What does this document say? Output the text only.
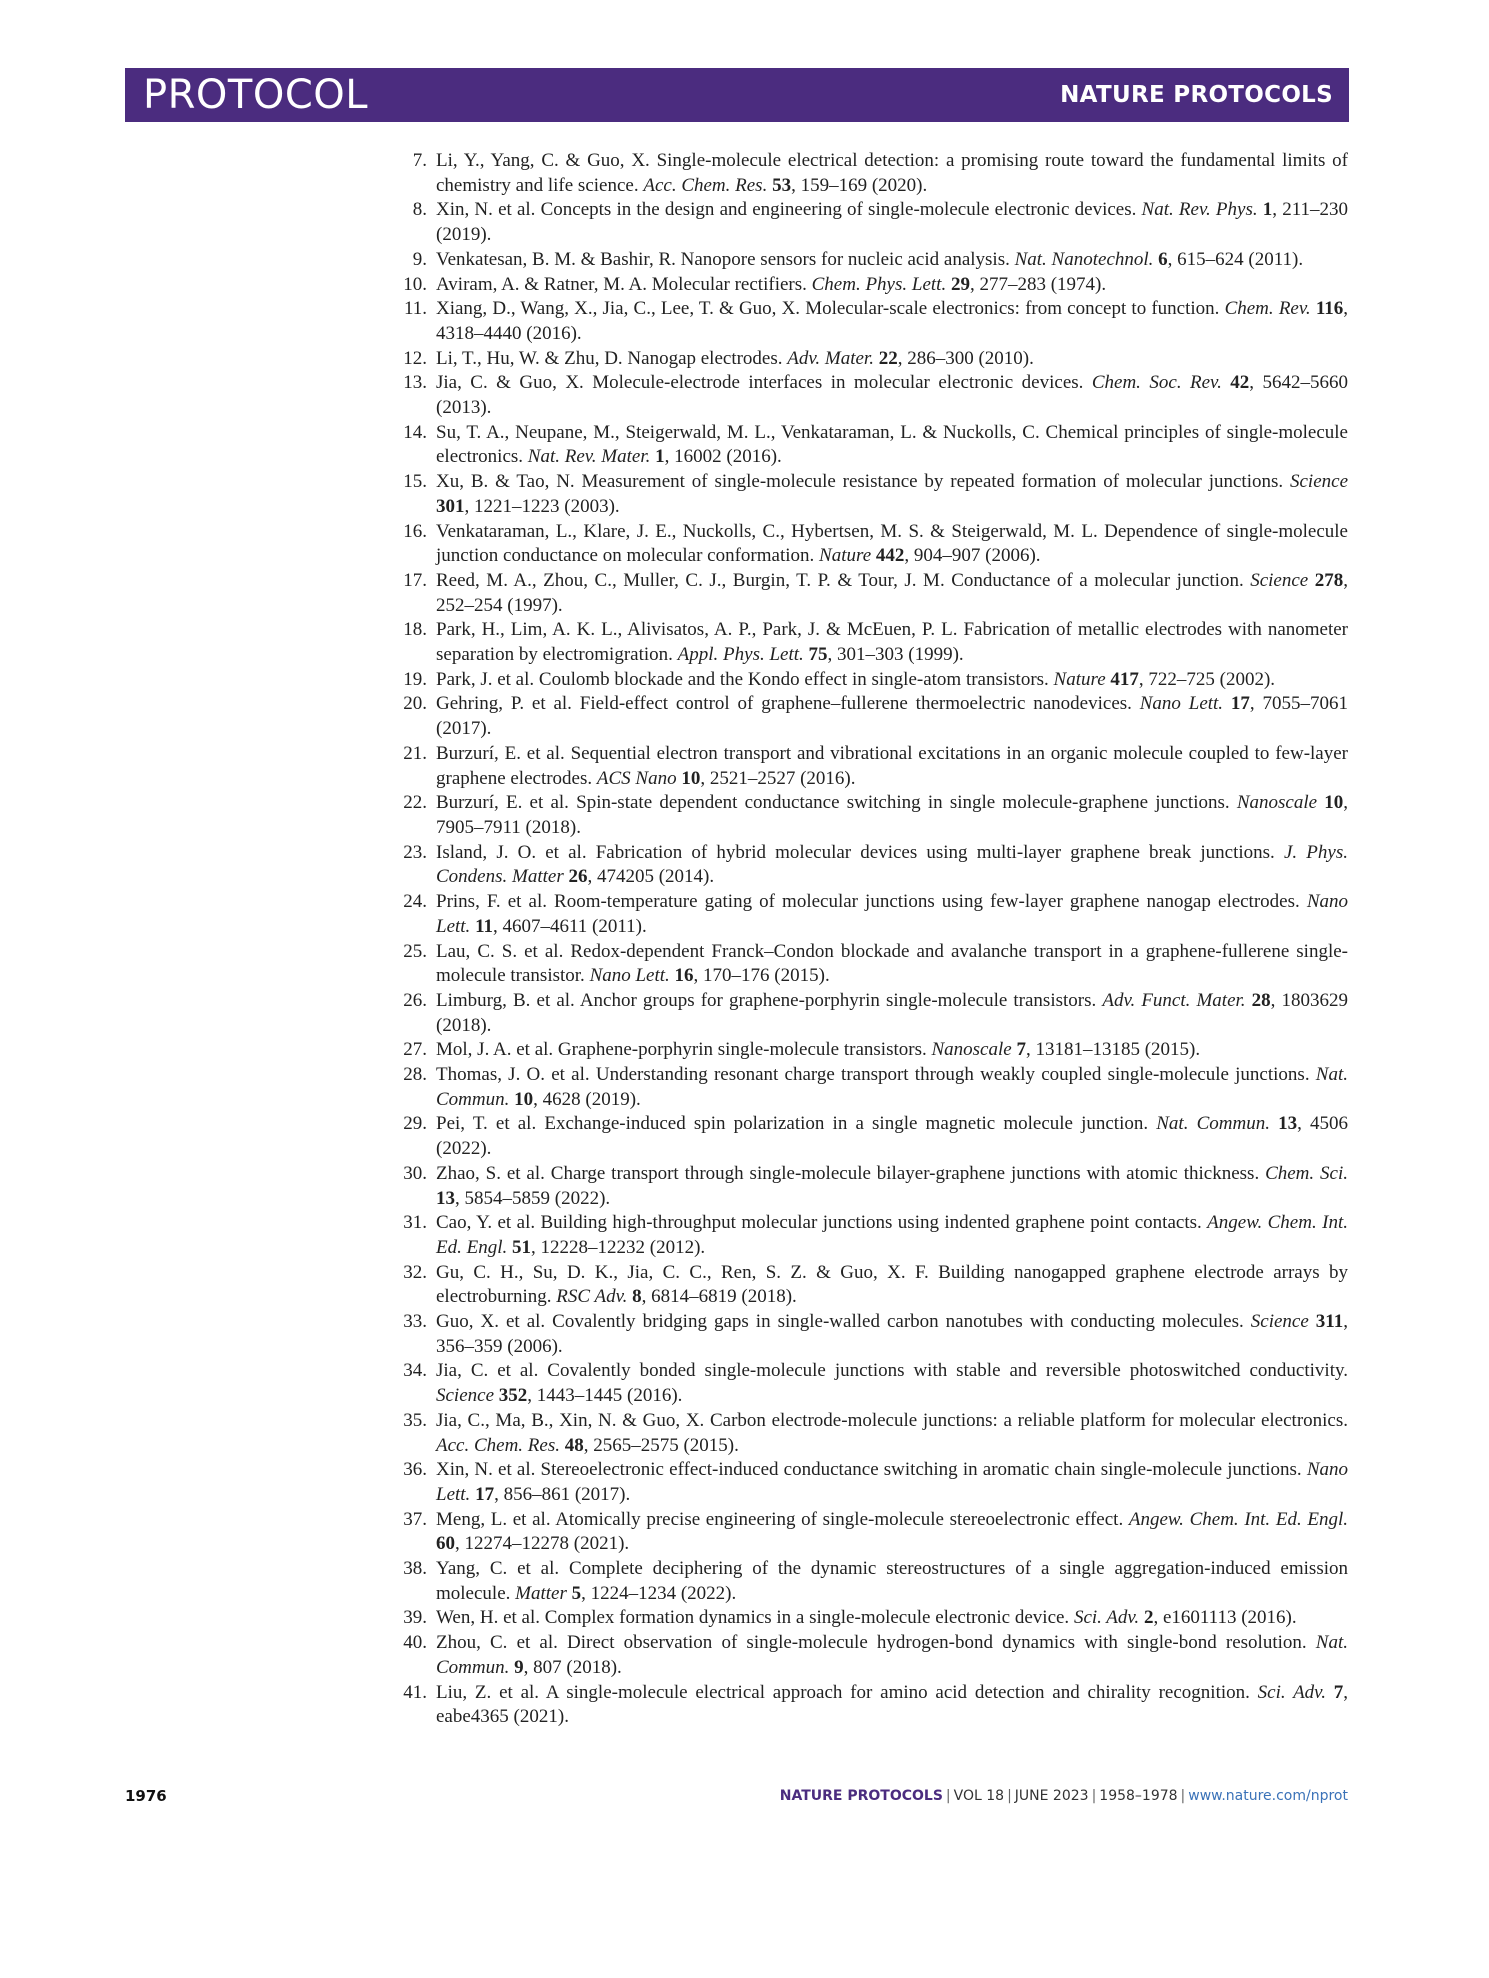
PROTOCOL	NATURE PROTOCOLS
7. Li, Y., Yang, C. & Guo, X. Single-molecule electrical detection: a promising route toward the fundamental limits of chemistry and life science. Acc. Chem. Res. 53, 159–169 (2020).
8. Xin, N. et al. Concepts in the design and engineering of single-molecule electronic devices. Nat. Rev. Phys. 1, 211–230 (2019).
9. Venkatesan, B. M. & Bashir, R. Nanopore sensors for nucleic acid analysis. Nat. Nanotechnol. 6, 615–624 (2011).
10. Aviram, A. & Ratner, M. A. Molecular rectifiers. Chem. Phys. Lett. 29, 277–283 (1974).
11. Xiang, D., Wang, X., Jia, C., Lee, T. & Guo, X. Molecular-scale electronics: from concept to function. Chem. Rev. 116, 4318–4440 (2016).
12. Li, T., Hu, W. & Zhu, D. Nanogap electrodes. Adv. Mater. 22, 286–300 (2010).
13. Jia, C. & Guo, X. Molecule-electrode interfaces in molecular electronic devices. Chem. Soc. Rev. 42, 5642–5660 (2013).
14. Su, T. A., Neupane, M., Steigerwald, M. L., Venkataraman, L. & Nuckolls, C. Chemical principles of single-molecule electronics. Nat. Rev. Mater. 1, 16002 (2016).
15. Xu, B. & Tao, N. Measurement of single-molecule resistance by repeated formation of molecular junctions. Science 301, 1221–1223 (2003).
16. Venkataraman, L., Klare, J. E., Nuckolls, C., Hybertsen, M. S. & Steigerwald, M. L. Dependence of single-molecule junction conductance on molecular conformation. Nature 442, 904–907 (2006).
17. Reed, M. A., Zhou, C., Muller, C. J., Burgin, T. P. & Tour, J. M. Conductance of a molecular junction. Science 278, 252–254 (1997).
18. Park, H., Lim, A. K. L., Alivisatos, A. P., Park, J. & McEuen, P. L. Fabrication of metallic electrodes with nanometer separation by electromigration. Appl. Phys. Lett. 75, 301–303 (1999).
19. Park, J. et al. Coulomb blockade and the Kondo effect in single-atom transistors. Nature 417, 722–725 (2002).
20. Gehring, P. et al. Field-effect control of graphene–fullerene thermoelectric nanodevices. Nano Lett. 17, 7055–7061 (2017).
21. Burzurí, E. et al. Sequential electron transport and vibrational excitations in an organic molecule coupled to few-layer graphene electrodes. ACS Nano 10, 2521–2527 (2016).
22. Burzurí, E. et al. Spin-state dependent conductance switching in single molecule-graphene junctions. Nanoscale 10, 7905–7911 (2018).
23. Island, J. O. et al. Fabrication of hybrid molecular devices using multi-layer graphene break junctions. J. Phys. Condens. Matter 26, 474205 (2014).
24. Prins, F. et al. Room-temperature gating of molecular junctions using few-layer graphene nanogap electrodes. Nano Lett. 11, 4607–4611 (2011).
25. Lau, C. S. et al. Redox-dependent Franck–Condon blockade and avalanche transport in a graphene-fullerene single-molecule transistor. Nano Lett. 16, 170–176 (2015).
26. Limburg, B. et al. Anchor groups for graphene-porphyrin single-molecule transistors. Adv. Funct. Mater. 28, 1803629 (2018).
27. Mol, J. A. et al. Graphene-porphyrin single-molecule transistors. Nanoscale 7, 13181–13185 (2015).
28. Thomas, J. O. et al. Understanding resonant charge transport through weakly coupled single-molecule junctions. Nat. Commun. 10, 4628 (2019).
29. Pei, T. et al. Exchange-induced spin polarization in a single magnetic molecule junction. Nat. Commun. 13, 4506 (2022).
30. Zhao, S. et al. Charge transport through single-molecule bilayer-graphene junctions with atomic thickness. Chem. Sci. 13, 5854–5859 (2022).
31. Cao, Y. et al. Building high-throughput molecular junctions using indented graphene point contacts. Angew. Chem. Int. Ed. Engl. 51, 12228–12232 (2012).
32. Gu, C. H., Su, D. K., Jia, C. C., Ren, S. Z. & Guo, X. F. Building nanogapped graphene electrode arrays by electroburning. RSC Adv. 8, 6814–6819 (2018).
33. Guo, X. et al. Covalently bridging gaps in single-walled carbon nanotubes with conducting molecules. Science 311, 356–359 (2006).
34. Jia, C. et al. Covalently bonded single-molecule junctions with stable and reversible photoswitched conductivity. Science 352, 1443–1445 (2016).
35. Jia, C., Ma, B., Xin, N. & Guo, X. Carbon electrode-molecule junctions: a reliable platform for molecular electronics. Acc. Chem. Res. 48, 2565–2575 (2015).
36. Xin, N. et al. Stereoelectronic effect-induced conductance switching in aromatic chain single-molecule junctions. Nano Lett. 17, 856–861 (2017).
37. Meng, L. et al. Atomically precise engineering of single-molecule stereoelectronic effect. Angew. Chem. Int. Ed. Engl. 60, 12274–12278 (2021).
38. Yang, C. et al. Complete deciphering of the dynamic stereostructures of a single aggregation-induced emission molecule. Matter 5, 1224–1234 (2022).
39. Wen, H. et al. Complex formation dynamics in a single-molecule electronic device. Sci. Adv. 2, e1601113 (2016).
40. Zhou, C. et al. Direct observation of single-molecule hydrogen-bond dynamics with single-bond resolution. Nat. Commun. 9, 807 (2018).
41. Liu, Z. et al. A single-molecule electrical approach for amino acid detection and chirality recognition. Sci. Adv. 7, eabe4365 (2021).
1976	NATURE PROTOCOLS | VOL 18 | JUNE 2023 | 1958–1978 | www.nature.com/nprot
